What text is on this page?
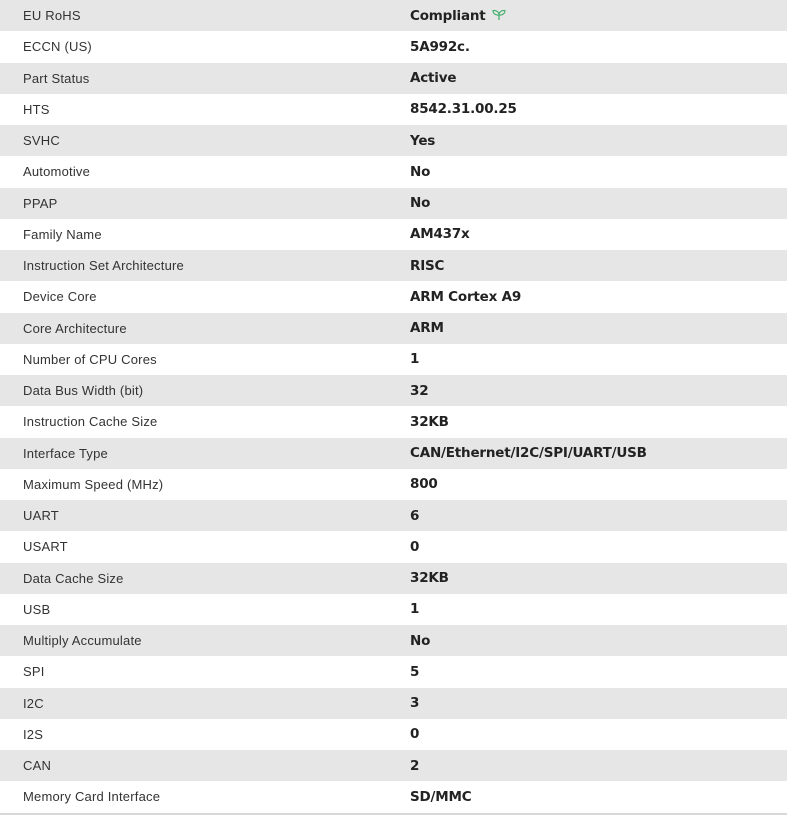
EU RoHS	Compliant
ECCN (US)	5A992c.
Part Status	Active
HTS	8542.31.00.25
SVHC	Yes
Automotive	No
PPAP	No
Family Name	AM437x
Instruction Set Architecture	RISC
Device Core	ARM Cortex A9
Core Architecture	ARM
Number of CPU Cores	1
Data Bus Width (bit)	32
Instruction Cache Size	32KB
Interface Type	CAN/Ethernet/I2C/SPI/UART/USB
Maximum Speed (MHz)	800
UART	6
USART	0
Data Cache Size	32KB
USB	1
Multiply Accumulate	No
SPI	5
I2C	3
I2S	0
CAN	2
Memory Card Interface	SD/MMC
